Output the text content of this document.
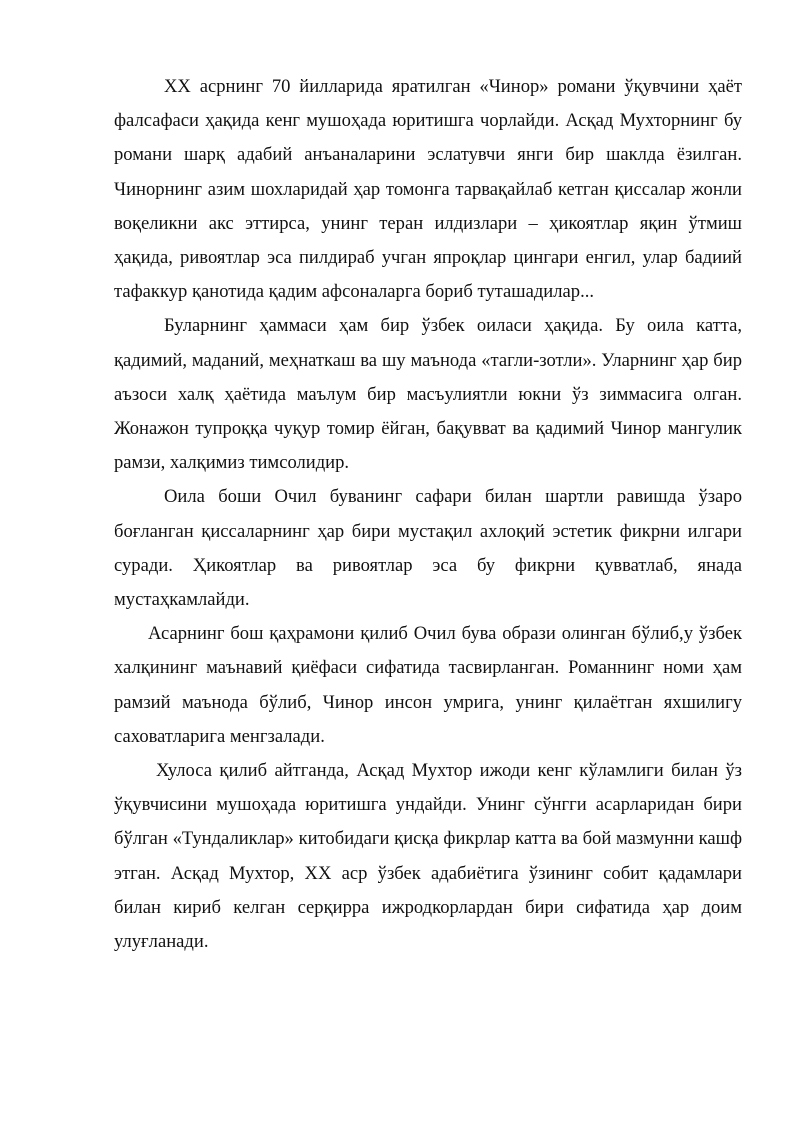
XX асрнинг 70 йилларида яратилган «Чинор» романи ўқувчини ҳаёт фалсафаси ҳақида кенг мушоҳада юритишга чорлайди. Асқад Мухторнинг бу романи шарқ адабий анъаналарини эслатувчи янги бир шаклда ёзилган. Чинорнинг азим шохларидай ҳар томонга тарвақайлаб кетган қиссалар жонли воқеликни акс эттирса, унинг теран илдизлари – ҳикоятлар яқин ўтмиш ҳақида, ривоятлар эса пилдираб учган япроқлар цингари енгил, улар бадиий тафаккур қанотида қадим афсоналарга бориб туташадилар...

Буларнинг ҳаммаси ҳам бир ўзбек оиласи ҳақида. Бу оила катта, қадимий, маданий, меҳнаткаш ва шу маънода «тагли-зотли». Уларнинг ҳар бир аъзоси халқ ҳаётида маълум бир масъулиятли юкни ўз зиммасига олган. Жонажон тупроққа чуқур томир ёйган, бақувват ва қадимий Чинор мангулик рамзи, халқимиз тимсолидир.

Оила боши Очил буванинг сафари билан шартли равишда ўзаро боғланган қиссаларнинг ҳар бири мустақил ахлоқий эстетик фикрни илгари суради. Ҳикоятлар ва ривоятлар эса бу фикрни қувватлаб, янада мустаҳкамлайди.

Асарнинг бош қаҳрамони қилиб Очил бува образи олинган бўлиб,у ўзбек халқининг маънавий қиёфаси сифатида тасвирланган. Романнинг номи ҳам рамзий маънода бўлиб, Чинор инсон умрига, унинг қилаётган яхшилигу саховатларига менгзалади.

Хулоса қилиб айтганда, Асқад Мухтор ижоди кенг кўламлиги билан ўз ўқувчисини мушоҳада юритишга ундайди. Унинг сўнгги асарларидан бири бўлган «Тундаликлар» китобидаги қисқа фикрлар катта ва бой мазмунни кашф этган. Асқад Мухтор, XX аср ўзбек адабиётига ўзининг собит қадамлари билан кириб келган серқирра ижродкорлардан бири сифатида ҳар доим улуғланади.
